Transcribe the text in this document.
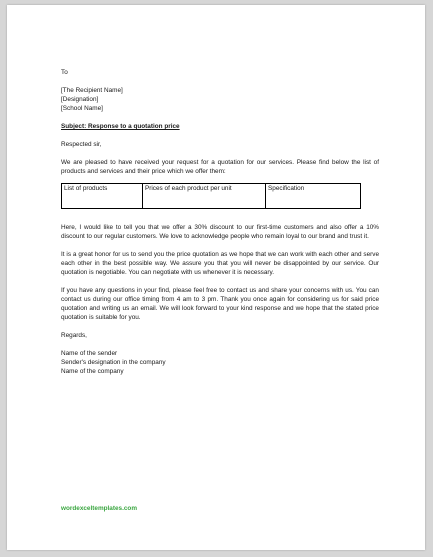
To
[The Recipient Name]
[Designation]
[School Name]
Subject: Response to a quotation price
Respected sir,

We are pleased to have received your request for a quotation for our services. Please find below the list of products and services and their price which we offer them:

List of products	Prices of each product per unit	Specification

Here, I would like to tell you that we offer a 30% discount to our first-time customers and also offer a 10% discount to our regular customers. We love to acknowledge people who remain loyal to our brand and trust it.

It is a great honor for us to send you the price quotation as we hope that we can work with each other and serve each other in the best possible way. We assure you that you will never be disappointed by our service. Our quotation is negotiable. You can negotiate with us whenever it is necessary.

If you have any questions in your find, please feel free to contact us and share your concerns with us. You can contact us during our office timing from 4 am to 3 pm. Thank you once again for considering us for said price quotation and writing us an email. We will look forward to your kind response and we hope that the stated price quotation is suitable for you.

Regards,
Name of the sender
Sender's designation in the company
Name of the company
wordexceltemplates.com
